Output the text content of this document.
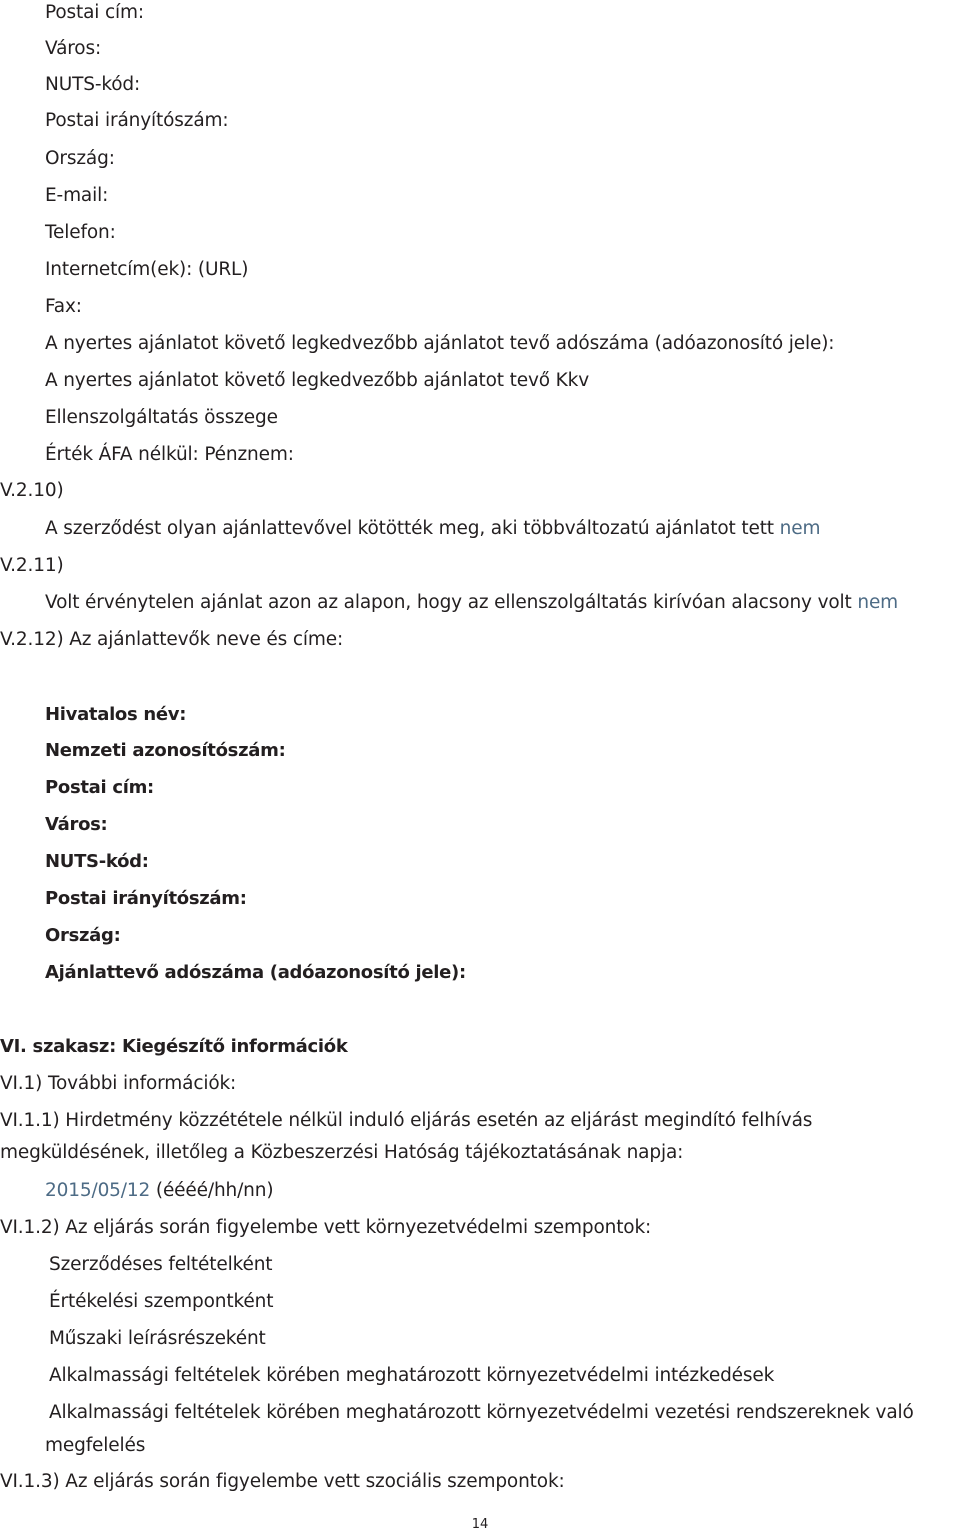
Postai cím:
Város:
NUTS-kód:
Postai irányítószám:
Ország:
E-mail:
Telefon:
Internetcím(ek): (URL)
Fax:
A nyertes ajánlatot követő legkedvezőbb ajánlatot tevő adószáma (adóazonosító jele):
A nyertes ajánlatot követő legkedvezőbb ajánlatot tevő Kkv
Ellenszolgáltatás összege
Érték ÁFA nélkül: Pénznem:
V.2.10)
A szerződést olyan ajánlattevővel kötötték meg, aki többváltozatú ajánlatot tett nem
V.2.11)
Volt érvénytelen ajánlat azon az alapon, hogy az ellenszolgáltatás kirívóan alacsony volt nem
V.2.12) Az ajánlattevők neve és címe:
Hivatalos név:
Nemzeti azonosítószám:
Postai cím:
Város:
NUTS-kód:
Postai irányítószám:
Ország:
Ajánlattevő adószáma (adóazonosító jele):
VI. szakasz: Kiegészítő információk
VI.1) További információk:
VI.1.1) Hirdetmény közzététele nélkül induló eljárás esetén az eljárást megindító felhívás
megküldésének, illetőleg a Közbeszerzési Hatóság tájékoztatásának napja:
2015/05/12 (éééé/hh/nn)
VI.1.2) Az eljárás során figyelembe vett környezetvédelmi szempontok:
Szerződéses feltételként
Értékelési szempontként
Műszaki leírásrészeként
Alkalmassági feltételek körében meghatározott környezetvédelmi intézkedések
Alkalmassági feltételek körében meghatározott környezetvédelmi vezetési rendszereknek való
megfelelés
VI.1.3) Az eljárás során figyelembe vett szociális szempontok:
14
